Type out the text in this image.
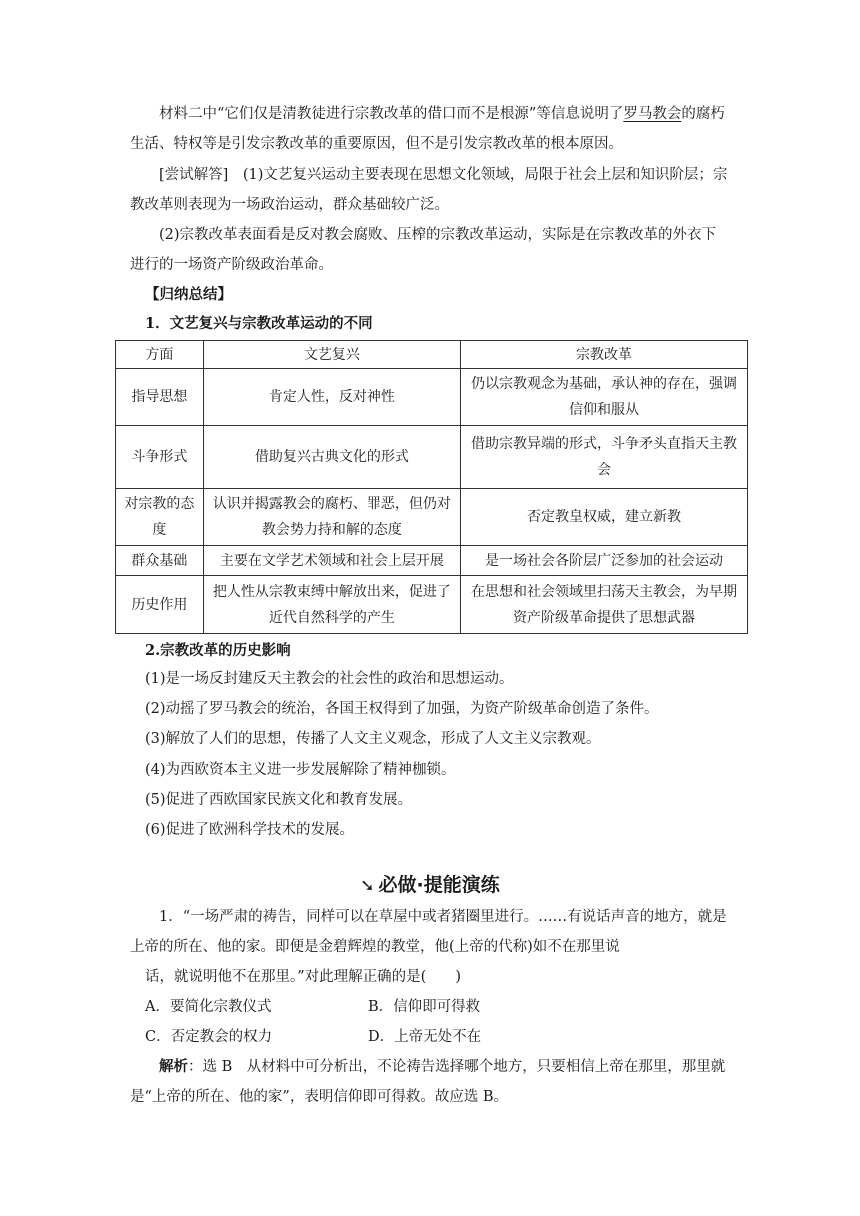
材料二中“它们仅是清教徒进行宗教改革的借口而不是根源”等信息说明了罗马教会的腐朽生活、特权等是引发宗教改革的重要原因，但不是引发宗教改革的根本原因。

[尝试解答]　 (1)文艺复兴运动主要表现在思想文化领域，局限于社会上层和知识阶层；宗教改革则表现为一场政治运动，群众基础较广泛。

(2)宗教改革表面看是反对教会腐败、压榨的宗教改革运动，实际是在宗教改革的外衣下进行的一场资产阶级政治革命。

【归纳总结】

1．文艺复兴与宗教改革运动的不同

方面	文艺复兴	宗教改革
指导思想	肯定人性，反对神性	仍以宗教观念为基础，承认神的存在，强调信仰和服从
斗争形式	借助复兴古典文化的形式	借助宗教异端的形式，斗争矛头直指天主教会
对宗教的态度	认识并揭露教会的腐朽、罪恶，但仍对教会势力持和解的态度	否定教皇权威，建立新教
群众基础	主要在文学艺术领域和社会上层开展	是一场社会各阶层广泛参加的社会运动
历史作用	把人性从宗教束缚中解放出来，促进了近代自然科学的产生	在思想和社会领域里扫荡天主教会，为早期资产阶级革命提供了思想武器

2.宗教改革的历史影响

(1)是一场反封建反天主教会的社会性的政治和思想运动。

(2)动摇了罗马教会的统治，各国王权得到了加强，为资产阶级革命创造了条件。

(3)解放了人们的思想，传播了人文主义观念，形成了人文主义宗教观。

(4)为西欧资本主义进一步发展解除了精神枷锁。

(5)促进了西欧国家民族文化和教育发展。

(6)促进了欧洲科学技术的发展。

➘ 必做·提能演练

1．“一场严肃的祷告，同样可以在草屋中或者猪圈里进行。……有说话声音的地方，就是上帝的所在、他的家。即便是金碧辉煌的教堂，他(上帝的代称)如不在那里说

话，就说明他不在那里。”对此理解正确的是(　　)

A．要简化宗教仪式	B．信仰即可得救
C．否定教会的权力	D．上帝无处不在

解析：选 B　从材料中可分析出，不论祷告选择哪个地方，只要相信上帝在那里，那里就是“上帝的所在、他的家”，表明信仰即可得救。故应选 B。
